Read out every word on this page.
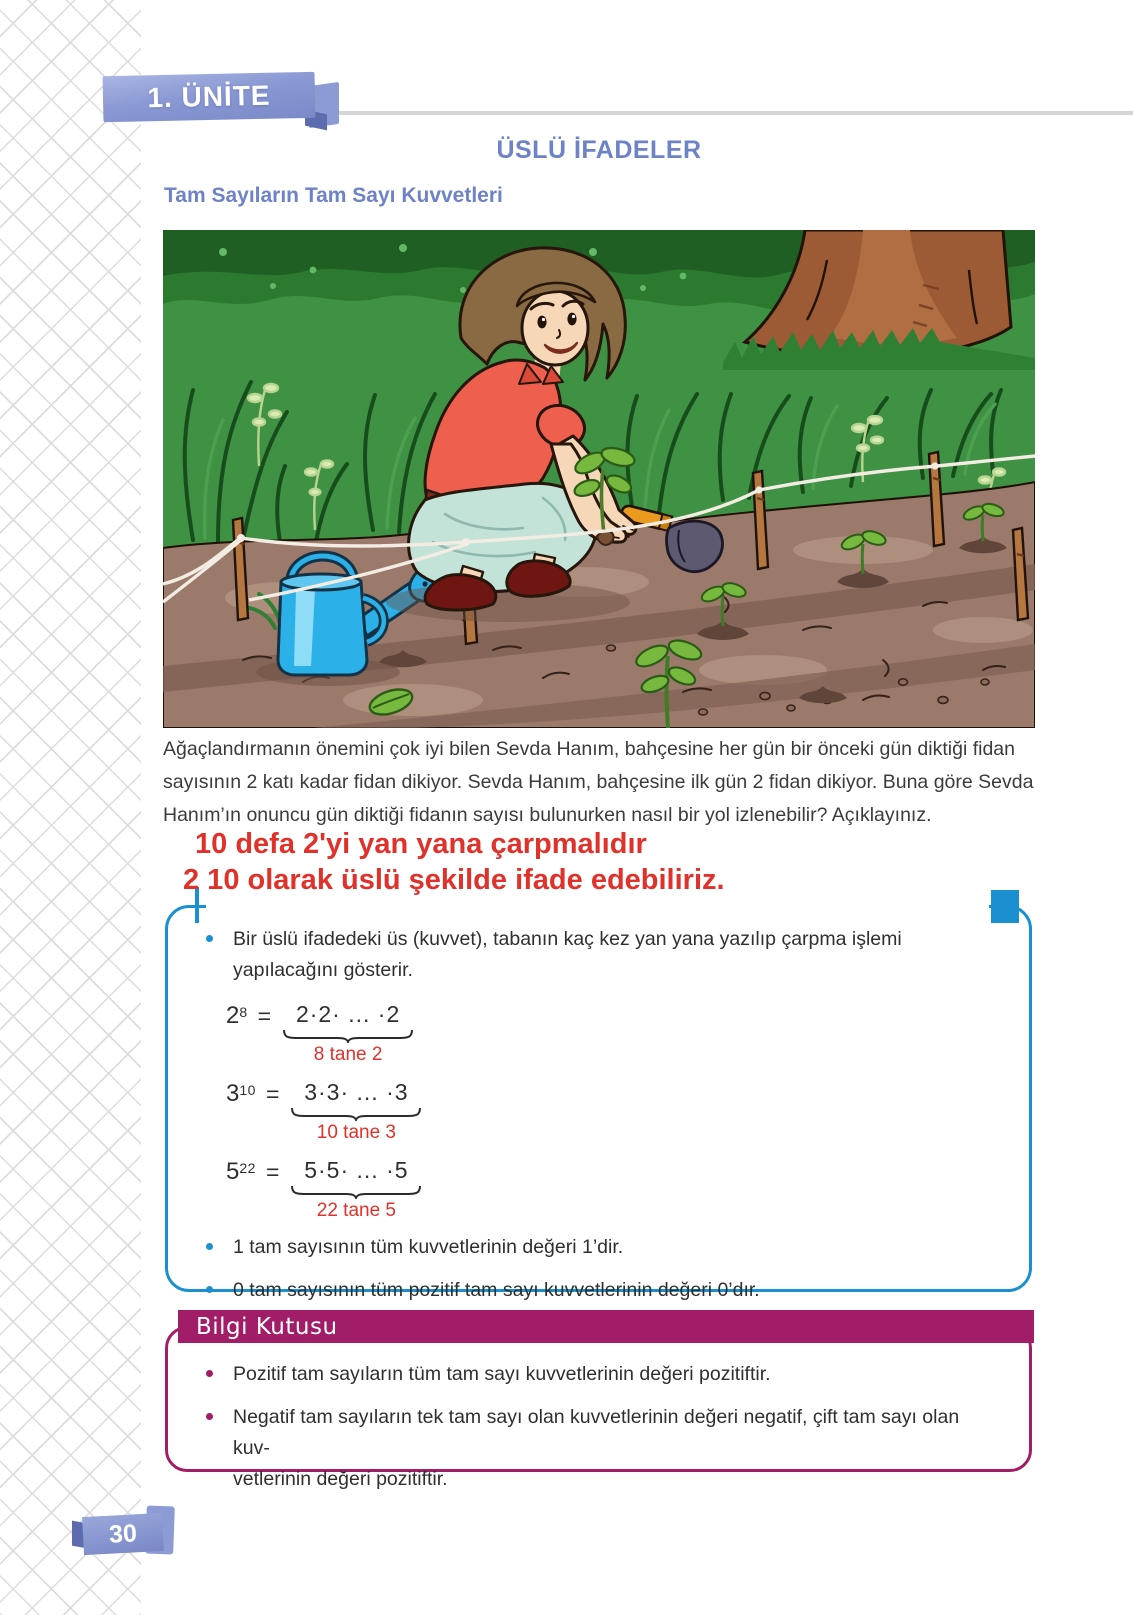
1. ÜNİTE
ÜSLÜ İFADELER
Tam Sayıların Tam Sayı Kuvvetleri
Ağaçlandırmanın önemini çok iyi bilen Sevda Hanım, bahçesine her gün bir önceki gün diktiği fidan sayısının 2 katı kadar fidan dikiyor. Sevda Hanım, bahçesine ilk gün 2 fidan dikiyor. Buna göre Sevda Hanım’ın onuncu gün diktiği fidanın sayısı bulunurken nasıl bir yol izlenebilir? Açıklayınız.
10 defa 2'yi yan yana çarpmalıdır
2 10 olarak üslü şekilde ifade edebiliriz.
Bir üslü ifadedeki üs (kuvvet), tabanın kaç kez yan yana yazılıp çarpma işlemi yapılacağını gösterir.
$2^8 = 2\cdot 2\cdot$ ... ·2
8 tane 2
$3^{10} = 3\cdot 3\cdot$ ... ·3
10 tane 3
$5^{22} = 5\cdot 5\cdot$ ... ·5
22 tane 5
1 tam sayısının tüm kuvvetlerinin değeri 1’dir.
0 tam sayısının tüm pozitif tam sayı kuvvetlerinin değeri 0’dır.
Pozitif tam sayıların tüm tam sayı kuvvetlerinin değeri pozitiftir.
Negatif tam sayıların tek tam sayı olan kuvvetlerinin değeri negatif, çift tam sayı olan kuv-
vetlerinin değeri pozitiftir.
Bilgi Kutusu
30
